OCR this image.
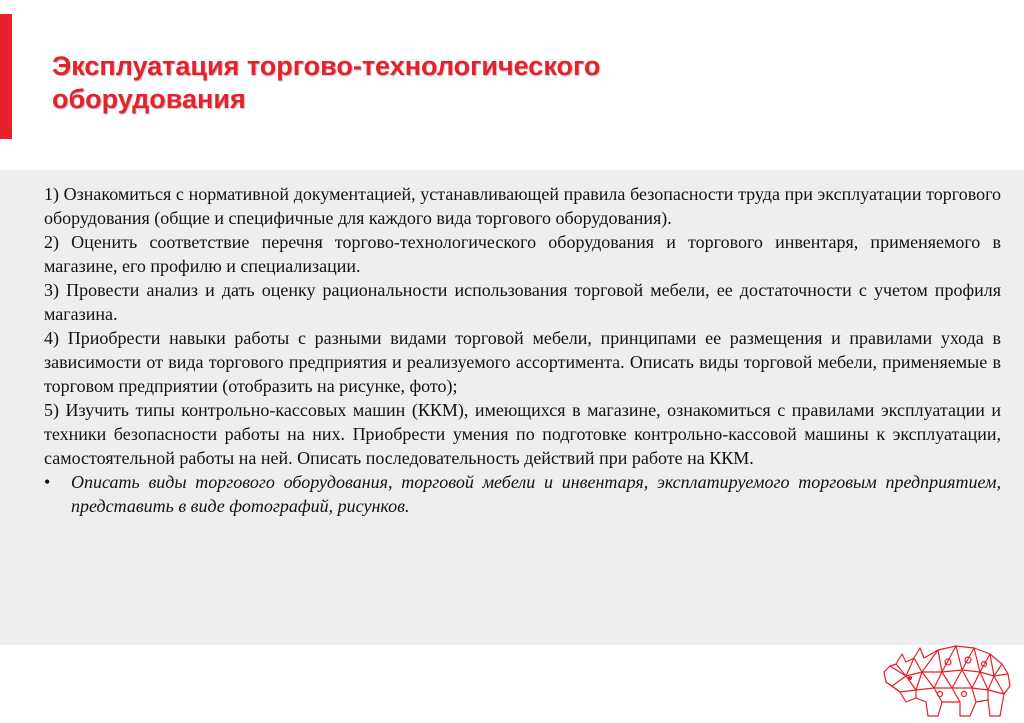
Эксплуатация торгово-технологического
оборудования

1) Ознакомиться с нормативной документацией, устанавливающей правила безопасности труда при эксплуатации торгового оборудования (общие и специфичные для каждого вида торгового оборудования).

2) Оценить соответствие перечня торгово-технологического оборудования и торгового инвентаря, применяемого в магазине, его профилю и специализации.

3) Провести анализ и дать оценку рациональности использования торговой мебели, ее достаточности с учетом профиля магазина.

4) Приобрести навыки работы с разными видами торговой мебели, принципами ее размещения и правилами ухода в зависимости от вида торгового предприятия и реализуемого ассортимента. Описать виды торговой мебели, применяемые в торговом предприятии (отобразить на рисунке, фото);

5) Изучить типы контрольно-кассовых машин (ККМ), имеющихся в магазине, ознакомиться с правилами эксплуатации и техники безопасности работы на них. Приобрести умения по подготовке контрольно-кассовой машины к эксплуатации, самостоятельной работы на ней. Описать последовательность действий при работе на ККМ.

• Описать виды торгового оборудования, торговой мебели и инвентаря, эксплатируемого торговым предприятием, представить в виде фотографий, рисунков.
